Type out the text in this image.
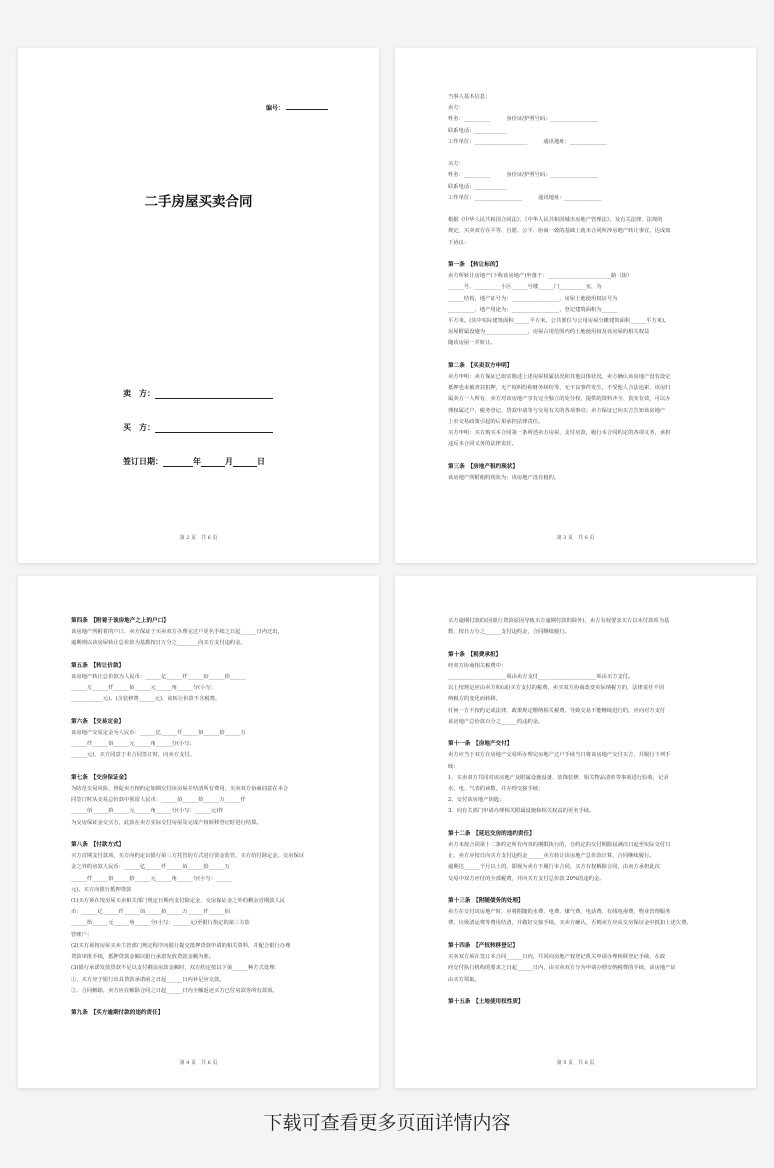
编号：
二手房屋买卖合同
卖　方：
买　方：
签订日期：	年	月	日
第 2 页　共 6 页
当事人基本信息：
卖方：
姓名：__________　　　身份证/护照号码：__________________
联系电话：____________
工作单位：____________________　　　通讯地址：______________

买方：
姓名：__________　　　身份证/护照号码：__________________
联系电话：____________
工作单位：__________________　　　通讯地址：______________

根据《中华人民共和国合同法》、《中华人民共和国城市房地产管理法》，及有关法律、法规的
规定，买卖双方在平等、自愿、公平、协商一致的基础上就本合同所涉房地产转让事宜，达成如
下协议：

第一条　【转让标的】
卖方所转让房地产(下称该房地产)坐落于：________________________路（街）
______号，__________小区______号楼______门__________室，为
______结构，地产证号为：__________________，房屋土地使用权证号为
__________，地产用途为：__________________，登记建筑面积为______
平方米。(其中实际建筑面积______平方米，公共部位与公用房屋分摊建筑面积______平方米)。
房屋附属设施为________________，房屋占用范围内的土地使用权及该房屋的相关权益
随该房屋一并转让。

第二条　【买卖双方申明】
卖方申明：卖方保证已如实陈述上述房屋权属状况和其他具体状况，卖方确认该房地产没有设定
抵押也未被查封扣押，无产权纠纷和财务纠纷等，无不良事件发生，不受他人合法追索，该房归
属卖方一人所有，卖方对该房地产享有完全独立的处分权，提供的资料齐全、真实有效，可以办
理权属过户、税务登记、贷款申请等与交易有关的各项事宜；卖方保证已向买方告知该房地产
上市交易政策引起的后果承担法律责任。
买方申明：买方购买本合同第一条所述卖方房屋，支付房款，履行本合同约定的各项义务，承担
违反本合同义务的法律责任。

第三条　【房地产租约现状】
该房地产所附租约现状为：该房地产没有租约。
第 3 页　共 6 页
第四条　【附着于该房地产之上的户口】
该房地产所附着的户口，卖方保证于买卖双方办理完过户更名手续之日起______日内迁出，
逾期则以该房屋转让总价款为基数按日万分之________向买方支付违约金。

第五条　【转让价款】
该房地产转让总价款为人民币：______亿______仟______佰______拾______
______万______仟______佰______元______角______分(小写：
____________元)。(含装修费______元)，该转让价款不含税费。

第六条　【交易定金】
该房地产交易定金为人民币：______亿______仟______佰______拾______万
______仟______佰______元______角______分(小写：
______元)，买方同意于本合同签订时，向卖方支付。

第七条　【交房保证金】
为防范交易风险，督促卖方按约定如期交付该房屋并结清所有费用，买卖双方协商同意在本合
同签订时从交易总价款中预留人民币：______佰______拾______万______仟
______佰______拾______元______角______分(小写：______元)作
为交房保证金交买方，此款在卖方实际交付房屋及完成产权转移登记时进行结算。

第八条　【付款方式】
买方首期支付款项，买方向约定以银行第三方托管的方式进行资金监管，买方给付除定金、交房保证
金之外的房款人民币：______亿______仟______佰______拾______万
______仟______佰______拾______元______角______分(小写：______
元)。买方向银行抵押贷款
(1)买方须在按房屋买卖相关部门规定日期内支付除定金、交房保证金之外的剩余首期款人民
币：______亿______仟______佰______拾______万______仟______佰
______拾______元______角______分(小写：______元)至银行指定的第三方监
管账户；
(2)买方须按房屋买卖主管部门规定程序向银行提交抵押贷款申请的相关资料，并配合银行办理
贷款审批手续，抵押贷款金额以银行承诺发放贷款金额为准。
(3)银行承诺发放贷款不足以支付剩余房款金额时，双方约定按以下第______种方式处理：
①、买方应于银行出具贷款承诺函之日起______日内补足应交款。
②、合同解除，卖方应在解除合同之日起______日内全额返还买方已付房款等所有款项。

第九条　【买方逾期付款的违约责任】
第 4 页　共 6 页
买方逾期付款的(因银行贷款原因导致买方逾期付款的除外)，卖方有权要求买方以未付款项为基
数，按日万分之______支付违约金，合同继续履行。

第十条　【税费承担】
经双方协商相关税费中：
______________________项由卖方支付______________________项由买方支付。
以上按规定应由卖方和(或)买方支付的税费，卖买双方协商改变实际纳税方的，法律责任不因
纳税方的变化而转移。
任何一方不按约定或法律、政策规定缴纳相关税费，导致交易不能继续进行的，应向对方支付
该房地产总价款百分之______的违约金。

第十一条　【房地产交付】
卖方应当于双方在房地产交易所办理完房地产过户手续当日将该房地产交付买方，并履行下列手
续：
1、买卖双方共同对该房地产及附属设施设备、装饰装修、相关物品清单等事项进行验收，记录
水、电、气表的读数，并办理交接手续；
2、交付该房地产钥匙；
3、向有关部门申请办理相关附属设施和相关权益的更名手续。

第十二条　【延迟交房的违约责任】
卖方未按合同第十二条约定所有内容的期限执行的，自约定的交付期限届满次日起至实际交付日
止，卖方应按日向买方支付违约金______卖方转让该房地产总价款计算，合同继续履行。
逾期达______个月以上的，即视为卖方不履行本合同，买方有权解除合同，由卖方承担此次
交易中双方应付的全部税费，并向买方支付总价款 20%的违约金。

第十三条　【附随债务的处理】
卖方在交付该房地产时，应将附随的水费、电费、煤气费、电话费、有线电视费、物业管理服务
费、垃圾清运费等费用结清，并做好交接手续。买卖方确认，否则卖方应从交房保证金中抵扣上述欠费。

第十四条　【产权转移登记】
买卖双方须在签订本合同______日内，共同向房地产权登记机关申请办理转移登记手续，在政
府交付执行机构的要求之日起______日内，由买卖双方分为申请办理交纳税费的手续，该房地产证
由买方领取。

第十五条　【土地使用权性质】
第 5 页　共 6 页
下载可查看更多页面详情内容
